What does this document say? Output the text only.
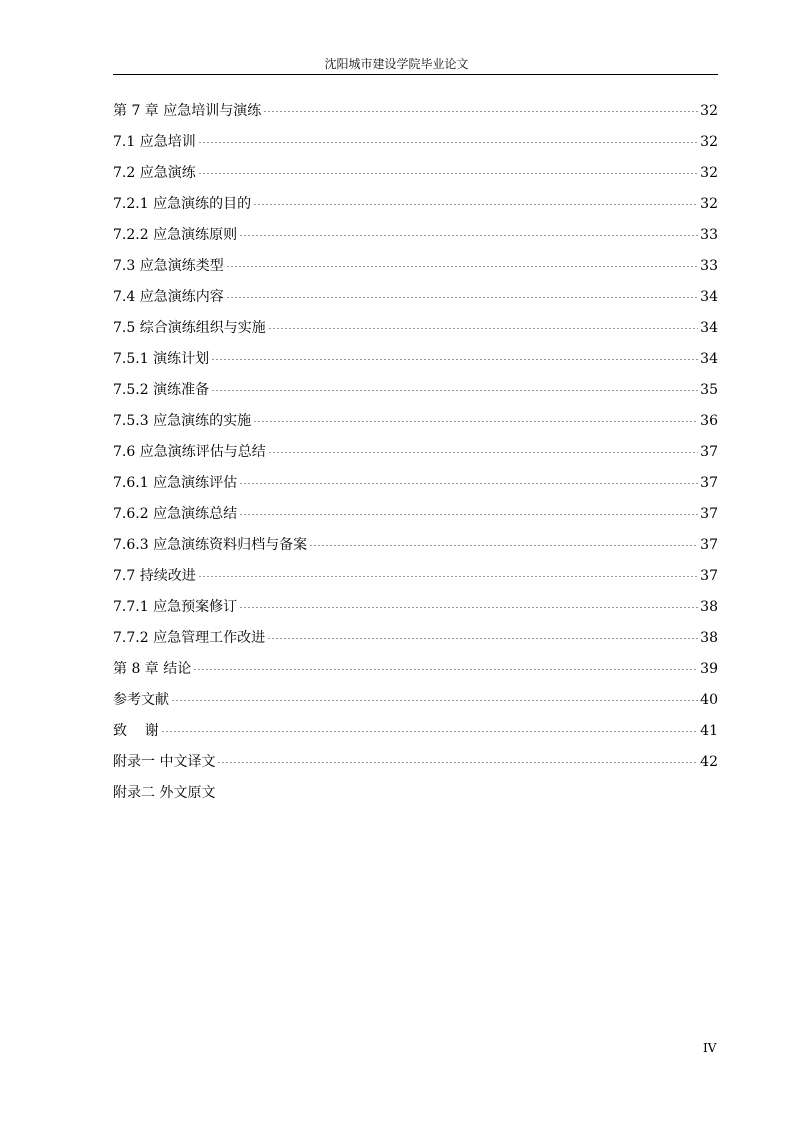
沈阳城市建设学院毕业论文
第 7 章 应急培训与演练	32
7.1 应急培训	32
7.2 应急演练	32
7.2.1 应急演练的目的	32
7.2.2 应急演练原则	33
7.3 应急演练类型	33
7.4 应急演练内容	34
7.5 综合演练组织与实施	34
7.5.1 演练计划	34
7.5.2 演练准备	35
7.5.3 应急演练的实施	36
7.6 应急演练评估与总结	37
7.6.1 应急演练评估	37
7.6.2 应急演练总结	37
7.6.3 应急演练资料归档与备案	37
7.7 持续改进	37
7.7.1 应急预案修订	38
7.7.2 应急管理工作改进	38
第 8 章 结论	39
参考文献	40
致    谢	41
附录一 中文译文	42
附录二 外文原文
IV
